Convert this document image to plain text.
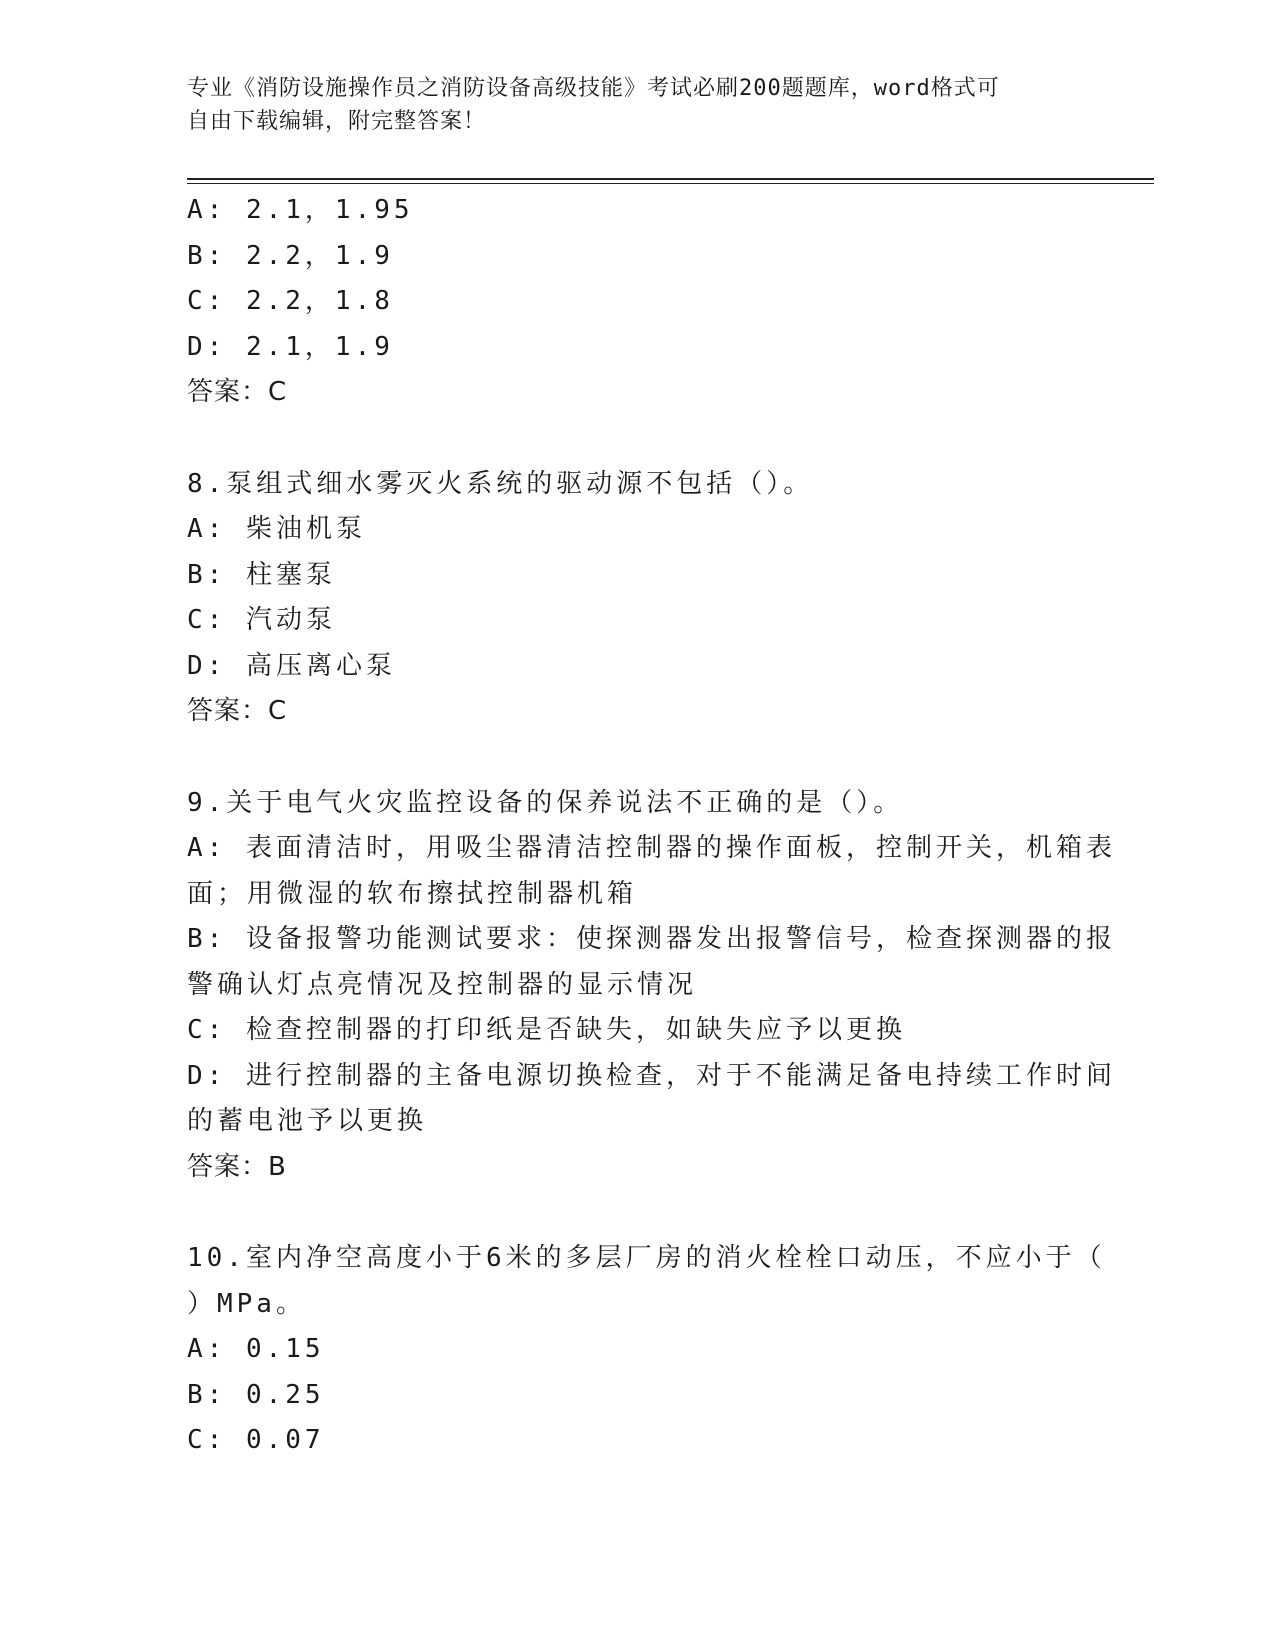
专业《消防设施操作员之消防设备高级技能》考试必刷200题题库，word格式可
自由下载编辑，附完整答案！
A: 2.1，1.95
B: 2.2，1.9
C: 2.2，1.8
D: 2.1，1.9
答案：C
8.泵组式细水雾灭火系统的驱动源不包括（）。
A: 柴油机泵
B: 柱塞泵
C: 汽动泵
D: 高压离心泵
答案：C
9.关于电气火灾监控设备的保养说法不正确的是（）。
A: 表面清洁时，用吸尘器清洁控制器的操作面板，控制开关，机箱表
面；用微湿的软布擦拭控制器机箱
B: 设备报警功能测试要求：使探测器发出报警信号，检查探测器的报
警确认灯点亮情况及控制器的显示情况
C: 检查控制器的打印纸是否缺失，如缺失应予以更换
D: 进行控制器的主备电源切换检查，对于不能满足备电持续工作时间
的蓄电池予以更换
答案：B
10.室内净空高度小于6米的多层厂房的消火栓栓口动压，不应小于（
）MPa。
A: 0.15
B: 0.25
C: 0.07
